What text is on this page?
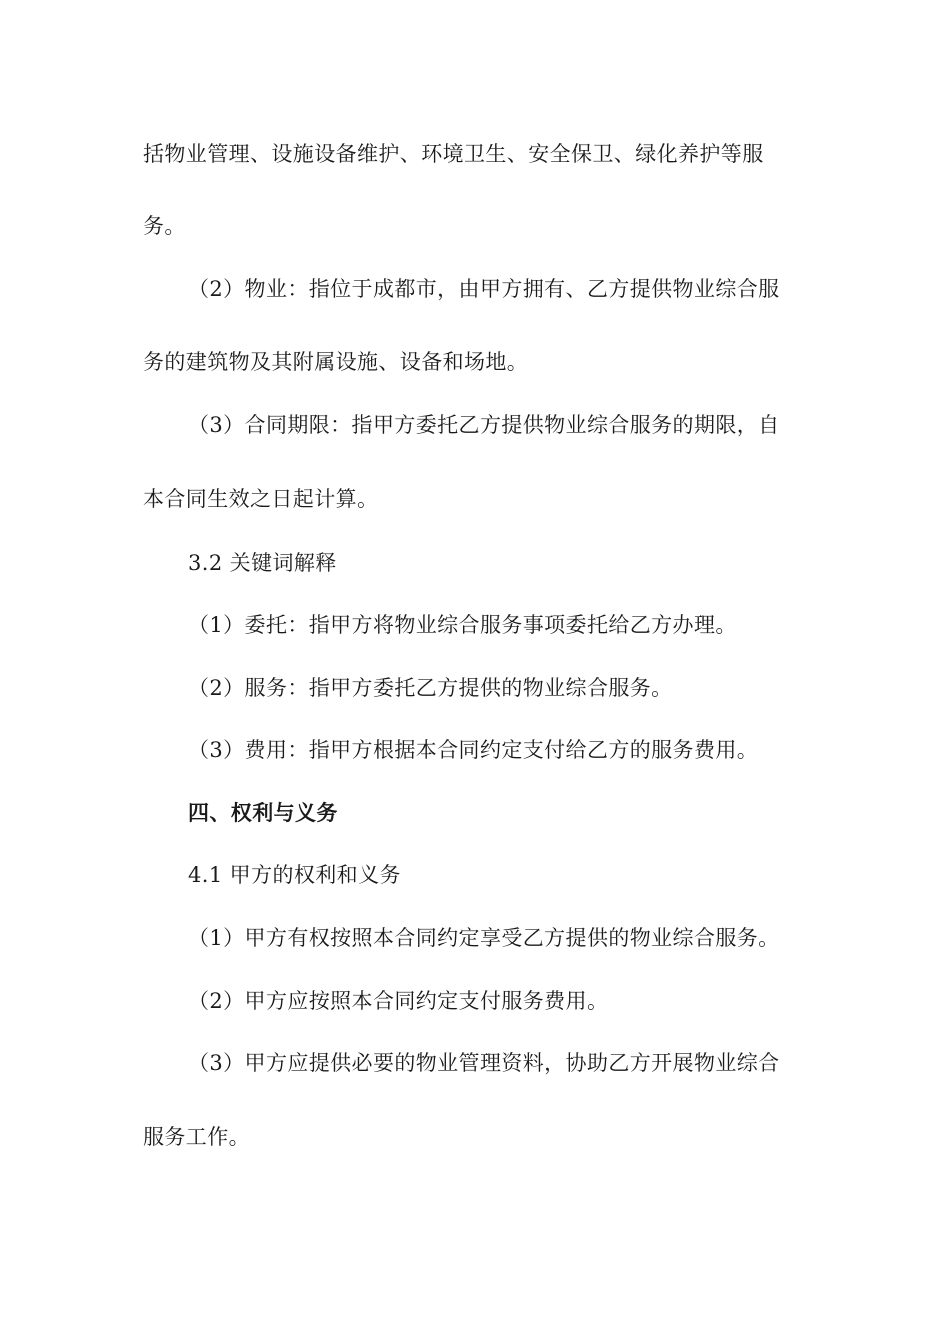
括物业管理、设施设备维护、环境卫生、安全保卫、绿化养护等服
务。
（2）物业：指位于成都市，由甲方拥有、乙方提供物业综合服
务的建筑物及其附属设施、设备和场地。
（3）合同期限：指甲方委托乙方提供物业综合服务的期限，自
本合同生效之日起计算。
3.2 关键词解释
（1）委托：指甲方将物业综合服务事项委托给乙方办理。
（2）服务：指甲方委托乙方提供的物业综合服务。
（3）费用：指甲方根据本合同约定支付给乙方的服务费用。
四、权利与义务
4.1 甲方的权利和义务
（1）甲方有权按照本合同约定享受乙方提供的物业综合服务。
（2）甲方应按照本合同约定支付服务费用。
（3）甲方应提供必要的物业管理资料，协助乙方开展物业综合
服务工作。
